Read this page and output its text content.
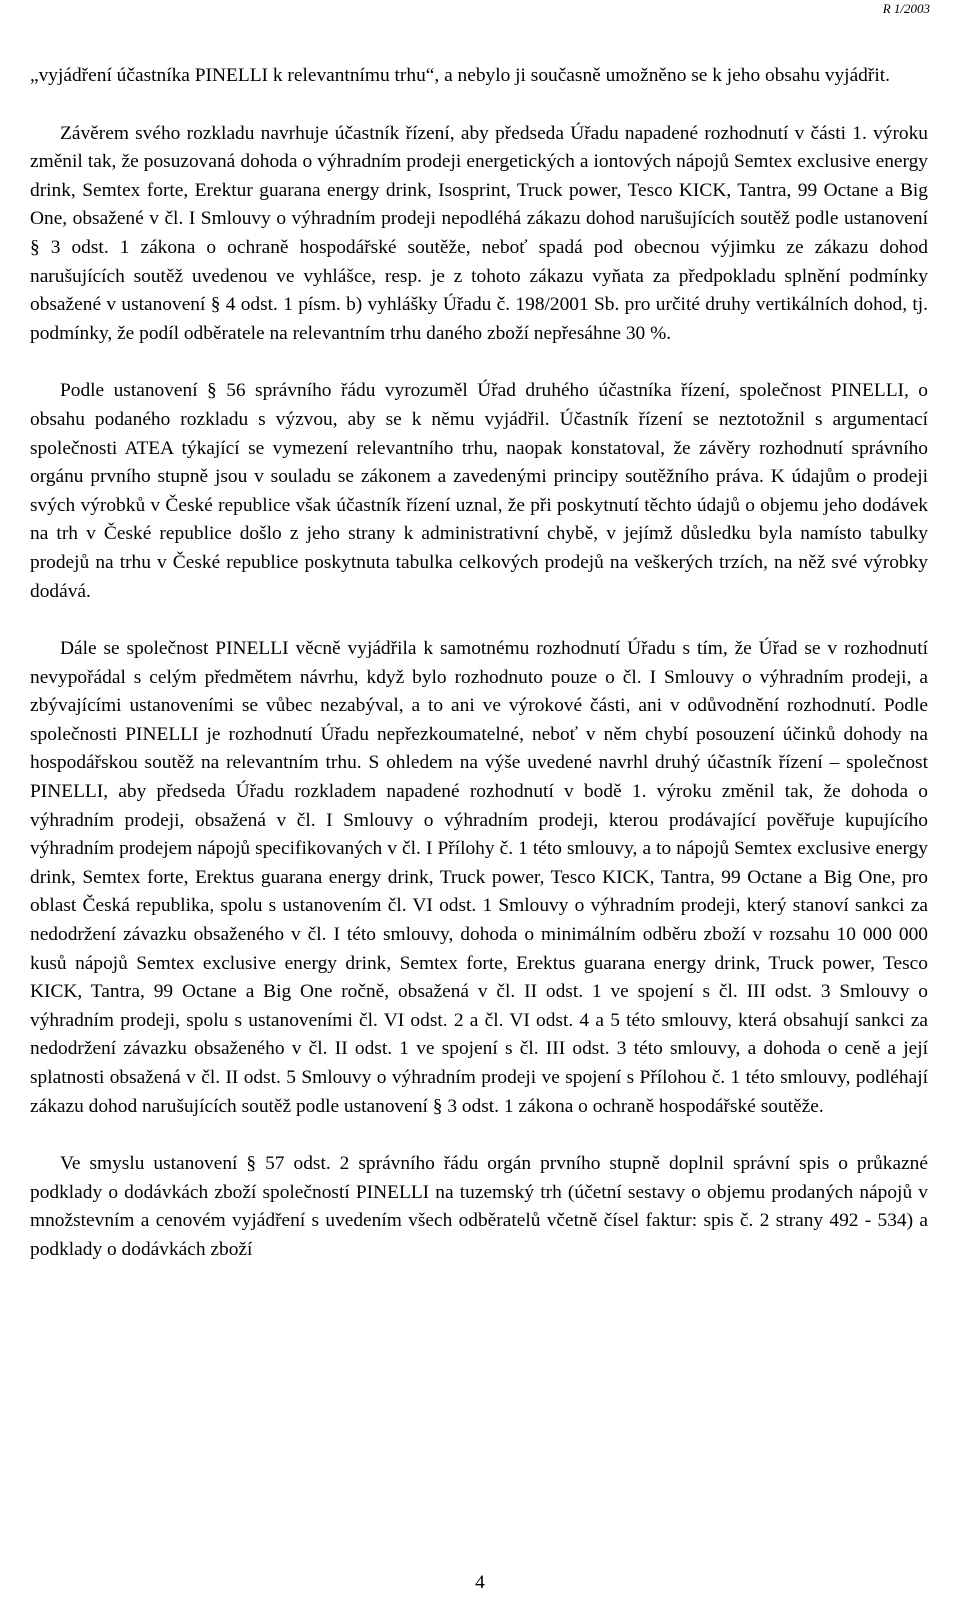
R 1/2003

„vyjádření účastníka PINELLI k relevantnímu trhu“, a nebylo ji současně umožněno se k jeho obsahu vyjádřit.

Závěrem svého rozkladu navrhuje účastník řízení, aby předseda Úřadu napadené rozhodnutí v části 1. výroku změnil tak, že posuzovaná dohoda o výhradním prodeji energetických a iontových nápojů Semtex exclusive energy drink, Semtex forte, Erektur guarana energy drink, Isosprint, Truck power, Tesco KICK, Tantra, 99 Octane a Big One, obsažené v čl. I Smlouvy o výhradním prodeji nepodléhá zákazu dohod narušujících soutěž podle ustanovení § 3 odst. 1 zákona o ochraně hospodářské soutěže, neboť spadá pod obecnou výjimku ze zákazu dohod narušujících soutěž uvedenou ve vyhlášce, resp. je z tohoto zákazu vyňata za předpokladu splnění podmínky obsažené v ustanovení § 4 odst. 1 písm. b) vyhlášky Úřadu č. 198/2001 Sb. pro určité druhy vertikálních dohod, tj. podmínky, že podíl odběratele na relevantním trhu daného zboží nepřesáhne 30 %.

Podle ustanovení § 56 správního řádu vyrozuměl Úřad druhého účastníka řízení, společnost PINELLI, o obsahu podaného rozkladu s výzvou, aby se k němu vyjádřil. Účastník řízení se neztotožnil s argumentací společnosti ATEA týkající se vymezení relevantního trhu, naopak konstatoval, že závěry rozhodnutí správního orgánu prvního stupně jsou v souladu se zákonem a zavedenými principy soutěžního práva. K údajům o prodeji svých výrobků v České republice však účastník řízení uznal, že při poskytnutí těchto údajů o objemu jeho dodávek na trh v České republice došlo z jeho strany k administrativní chybě, v jejímž důsledku byla namísto tabulky prodejů na trhu v České republice poskytnuta tabulka celkových prodejů na veškerých trzích, na něž své výrobky dodává.

Dále se společnost PINELLI věcně vyjádřila k samotnému rozhodnutí Úřadu s tím, že Úřad se v rozhodnutí nevypořádal s celým předmětem návrhu, když bylo rozhodnuto pouze o čl. I Smlouvy o výhradním prodeji, a zbývajícími ustanoveními se vůbec nezabýval, a to ani ve výrokové části, ani v odůvodnění rozhodnutí. Podle společnosti PINELLI je rozhodnutí Úřadu nepřezkoumatelné, neboť v něm chybí posouzení účinků dohody na hospodářskou soutěž na relevantním trhu. S ohledem na výše uvedené navrhl druhý účastník řízení – společnost PINELLI, aby předseda Úřadu rozkladem napadené rozhodnutí v bodě 1. výroku změnil tak, že dohoda o výhradním prodeji, obsažená v čl. I Smlouvy o výhradním prodeji, kterou prodávající pověřuje kupujícího výhradním prodejem nápojů specifikovaných v čl. I Přílohy č. 1 této smlouvy, a to nápojů Semtex exclusive energy drink, Semtex forte, Erektus guarana energy drink, Truck power, Tesco KICK, Tantra, 99 Octane a Big One, pro oblast Česká republika, spolu s ustanovením čl. VI odst. 1 Smlouvy o výhradním prodeji, který stanoví sankci za nedodržení závazku obsaženého v čl. I této smlouvy, dohoda o minimálním odběru zboží v rozsahu 10 000 000 kusů nápojů Semtex exclusive energy drink, Semtex forte, Erektus guarana energy drink, Truck power, Tesco KICK, Tantra, 99 Octane a Big One ročně, obsažená v čl. II odst. 1 ve spojení s čl. III odst. 3 Smlouvy o výhradním prodeji, spolu s ustanoveními čl. VI odst. 2 a čl. VI odst. 4 a 5 této smlouvy, která obsahují sankci za nedodržení závazku obsaženého v čl. II odst. 1 ve spojení s čl. III odst. 3 této smlouvy, a dohoda o ceně a její splatnosti obsažená v čl. II odst. 5 Smlouvy o výhradním prodeji ve spojení s Přílohou č. 1 této smlouvy, podléhají zákazu dohod narušujících soutěž podle ustanovení § 3 odst. 1 zákona o ochraně hospodářské soutěže.

Ve smyslu ustanovení § 57 odst. 2 správního řádu orgán prvního stupně doplnil správní spis o průkazné podklady o dodávkách zboží společností PINELLI na tuzemský trh (účetní sestavy o objemu prodaných nápojů v množstevním a cenovém vyjádření s uvedením všech odběratelů včetně čísel faktur: spis č. 2 strany 492 - 534) a podklady o dodávkách zboží

4
